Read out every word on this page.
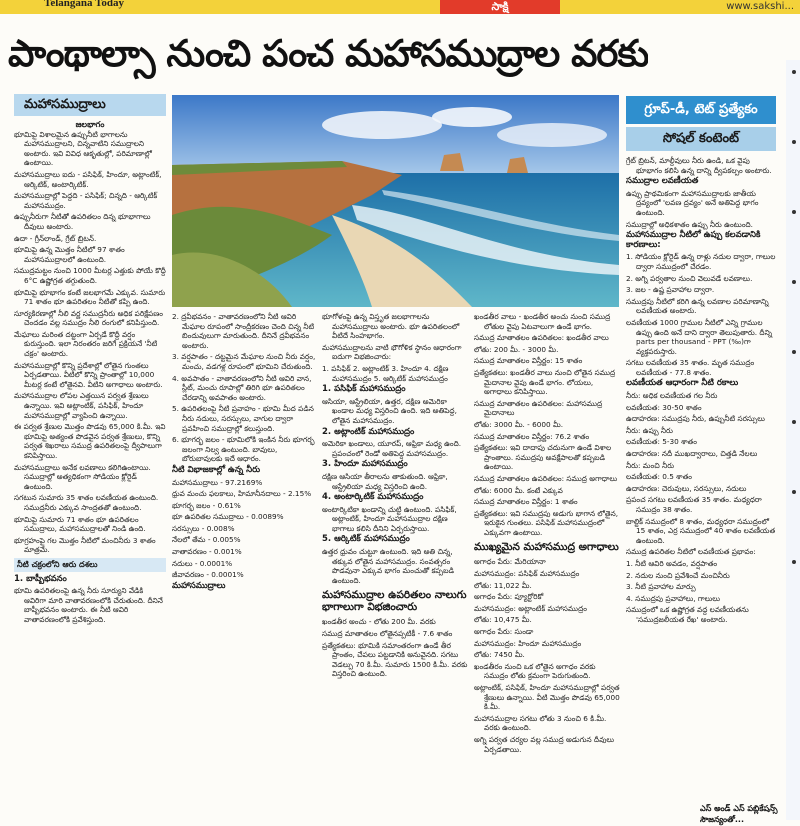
Telangana Today	సాక్షి	www.sakshi...
పాంథాల్సా నుంచి పంచ మహాసముద్రాల వరకు
మహాసముద్రాలు
జలభాగం

భూమిపై విశాలమైన ఉప్పునీటి భాగాలను మహాసముద్రాలని, చిన్నవాటిని సముద్రాలని అంటారు. ఇవి వివిధ ఆకృతుల్లో, పరిమాణాల్లో ఉంటాయి.

మహాసముద్రాలు ఐదు - పసిఫిక్, హిందూ, అట్లాంటిక్, ఆర్కిటిక్, అంటార్కిటిక్.

మహాసముద్రాల్లో పెద్దది - పసిఫిక్; చిన్నది - ఆర్కిటిక్ మహాసముద్రం.

ఉప్పునీరుగా నీటితో ఉపరితలం దిన్న భూభాగాలు దీవులు అంటారు.

ఉదా - గ్రీన్‌లాండ్, గ్రేట్ బ్రిటన్.

భూమిపై ఉన్న మొత్తం నీటిలో 97 శాతం మహాసముద్రాలలో ఉంటుంది.

సముద్రమట్టం నుంచి 1000 మీటర్ల ఎత్తుకు పోయే కొద్దీ 6°C ఉష్ణోగ్రత తగ్గుతుంది.

భూమిపై భూభాగం కంటే జలభాగమే ఎక్కువ. సుమారు 71 శాతం భూ ఉపరితలం నీటితో కప్పి ఉంది.

సూర్యకిరణాల్లో నీలి వర్ణ సముద్రనీరు అధిక పరిక్షేపణం చెందడం వల్ల సముద్రం నీలి రంగులో కనిపిస్తుంది.

మేఘాలు మరింత దట్టంగా ఏర్పడే కొద్దీ వర్షం కురుస్తుంది. ఇలా నిరంతరం జరిగే ప్రక్రియనే 'నీటి చక్రం' అంటారు.

మహాసముద్రాల్లో కొన్ని ప్రదేశాల్లో లోతైన గుంతలు ఏర్పడతాయి. వీటిలో కొన్ని ప్రాంతాల్లో 10,000 మీటర్ల కంటే లోతైనవి. వీటిని అగాధాలు అంటారు.

మహాసముద్రాల లోపల ఎత్తయిన పర్వత శ్రేణులు ఉన్నాయి. ఇవి అట్లాంటిక్, పసిఫిక్, హిందూ మహాసముద్రాల్లో వ్యాపించి ఉన్నాయి.

ఈ పర్వత శ్రేణుల మొత్తం పొడవు 65,000 కి.మీ. ఇవి భూమిపై అత్యంత పొడవైన పర్వత శ్రేణులు, కొన్ని పర్వత శిఖరాలు సముద్ర ఉపరితలంపై ద్వీపాలుగా కనిపిస్తాయి.

మహాసముద్రాలు అనేక లవణాలు కలిగిఉంటాయి. సముద్రాల్లో అత్యధికంగా సోడియం క్లోరైడ్ ఉంటుంది.

సగటున సుమారు 35 శాతం లవణీయత ఉంటుంది. సముద్రనీరు ఎక్కువ సాంద్రతతో ఉంటుంది.

భూమిపై సుమారు 71 శాతం భూ ఉపరితలం సముద్రాలు, మహాసముద్రాలతో నిండి ఉంది.

భూగ్రహంపై గల మొత్తం నీటిలో మంచినీరు 3 శాతం మాత్రమే.

నీటి చక్రంలోని ఆరు దశలు
1. బాష్పీభవనం

భూమి ఉపరితలంపై ఉన్న నీరు సూర్యుని వేడికి ఆవిరిగా మారి వాతావరణంలోకి చేరుతుంది. దీనినే బాష్పీభవనం అంటారు. ఈ నీటి ఆవిరి వాతావరణంలోకి ప్రవేశిస్తుంది.

2. ద్రవీభవనం - వాతావరణంలోని నీటి ఆవిరి మేఘాల రూపంలో సాంద్రీకరణం చెంది చిన్న నీటి బిందువులుగా మారుతుంది. దీనినే ద్రవీభవనం అంటారు.

3. వర్షపాతం - దట్టమైన మేఘాల నుంచి నీరు వర్షం, మంచు, వడగళ్ల రూపంలో భూమిని చేరుతుంది.

4. అవపాతం - వాతావరణంలోని నీటి ఆవిరి వాన, స్లీట్, మంచు రూపాల్లో తిరిగి భూ ఉపరితలం చేరడాన్ని అవపాతం అంటారు.

5. ఉపరితలంపై నీటి ప్రవాహం - భూమి మీద పడిన నీరు నదులు, సరస్సులు, వాగుల ద్వారా ప్రవహించి సముద్రాల్లో కలుస్తుంది.

6. భూగర్భ జలం - భూమిలోకి ఇంకిన నీరు భూగర్భ జలంగా నిల్వ ఉంటుంది. బావులు, బోరుబావులకు ఇదే ఆధారం.

నీటి విభాజకాల్లో ఉన్న నీరు

మహాసముద్రాలు - 97.2169%

ధ్రువ మంచు ఫలకాలు, హిమానీనదాలు - 2.15%

భూగర్భ జలం - 0.61%

భూ ఉపరితల సముద్రాలు - 0.0089%

సరస్సులు - 0.008%

నేలలో తేమ - 0.005%

వాతావరణం - 0.001%

నదులు - 0.0001%

జీవావరణం - 0.0001%

మహాసముద్రాలు

భూగోళంపై ఉన్న విస్తృత జలభాగాలను మహాసముద్రాలు అంటారు. భూ ఉపరితలంలో వీటిదే సింహభాగం.

మహాసముద్రాలను వాటి భౌగోళిక స్థానం ఆధారంగా ఐదుగా విభజించారు:

1. పసిఫిక్ 2. అట్లాంటిక్ 3. హిందూ 4. దక్షిణ మహాసముద్రం 5. ఆర్కిటిక్ మహాసముద్రం

1. పసిఫిక్ మహాసముద్రం

ఆసియా, ఆస్ట్రేలియా, ఉత్తర, దక్షిణ అమెరికా ఖండాల మధ్య విస్తరించి ఉంది. ఇది అతిపెద్ద, లోతైన మహాసముద్రం.

2. అట్లాంటిక్ మహాసముద్రం

అమెరికా ఖండాలు, యూరప్, ఆఫ్రికా మధ్య ఉంది. ప్రపంచంలో రెండో అతిపెద్ద మహాసముద్రం.

3. హిందూ మహాసముద్రం

దక్షిణ ఆసియా తీరాలను తాకుతుంది. ఆఫ్రికా, ఆస్ట్రేలియా మధ్య విస్తరించి ఉంది.

4. అంటార్కిటిక్ మహాసముద్రం

అంటార్కిటికా ఖండాన్ని చుట్టి ఉంటుంది. పసిఫిక్, అట్లాంటిక్, హిందూ మహాసముద్రాల దక్షిణ భాగాలు కలిసి దీనిని ఏర్పరుస్తాయి.

5. ఆర్కిటిక్ మహాసముద్రం

ఉత్తర ధ్రువం చుట్టూ ఉంటుంది. ఇది అతి చిన్న, తక్కువ లోతైన మహాసముద్రం. సంవత్సరం పొడవునా ఎక్కువ భాగం మంచుతో కప్పబడి ఉంటుంది.

మహాసముద్రాల ఉపరితలం నాలుగు భాగాలుగా విభజించారు

ఖండతీర అంచు - లోతు 200 మీ. వరకు

సముద్ర మాతాతలం లోతైనప్పటికీ - 7.6 శాతం

ప్రత్యేకతలు: భూమికి సమాంతరంగా ఉండే తీర ప్రాంతం, చేపలు పట్టడానికి అనువైనది. సగటు వెడల్పు 70 కి.మీ. సుమారు 1500 కి.మీ. వరకు విస్తరించి ఉంటుంది.

ఖండతీర వాలు - ఖండతీర అంచు నుంచి సముద్ర లోతుల వైపు ఏటవాలుగా ఉండే భాగం.

సముద్ర మాతాతలం ఉపరితలం: ఖండతీర వాలు

లోతు: 200 మీ. - 3000 మీ.

సముద్ర మాతాతలం విస్తీర్ణం: 15 శాతం

ప్రత్యేకతలు: ఖండతీర వాలు నుంచి లోతైన సముద్ర మైదానాల వైపు ఉండే భాగం. లోయలు, అగాధాలు కనిపిస్తాయి.

సముద్ర మాతాతలం ఉపరితలం: మహాసముద్ర మైదానాలు

లోతు: 3000 మీ. - 6000 మీ.

సముద్ర మాతాతలం విస్తీర్ణం: 76.2 శాతం

ప్రత్యేకతలు: ఇవి దాదాపు చదునుగా ఉండే విశాల ప్రాంతాలు. సముద్రపు అవక్షేపాలతో కప్పబడి ఉంటాయి.

సముద్ర మాతాతలం ఉపరితలం: సముద్ర అగాధాలు

లోతు: 6000 మీ. కంటే ఎక్కువ

సముద్ర మాతాతలం విస్తీర్ణం: 1 శాతం

ప్రత్యేకతలు: ఇవి సముద్రపు అడుగు భాగాన లోతైన, ఇరుకైన గుంతలు. పసిఫిక్ మహాసముద్రంలో ఎక్కువగా ఉంటాయి.

ముఖ్యమైన మహాసముద్ర అగాధాలు

అగాధం పేరు: మేరియానా

మహాసముద్రం: పసిఫిక్ మహాసముద్రం

లోతు: 11,022 మీ.

అగాధం పేరు: ప్యూర్టోరికో

మహాసముద్రం: అట్లాంటిక్ మహాసముద్రం

లోతు: 10,475 మీ.

అగాధం పేరు: సుండా

మహాసముద్రం: హిందూ మహాసముద్రం

లోతు: 7450 మీ.

ఖండతీరం నుంచి ఒక లోతైన అగాధం వరకు సముద్రం లోతు క్రమంగా పెరుగుతుంది.

అట్లాంటిక్, పసిఫిక్, హిందూ మహాసముద్రాల్లో పర్వత శ్రేణులు ఉన్నాయి. వీటి మొత్తం పొడవు 65,000 కి.మీ.

మహాసముద్రాల సగటు లోతు 3 నుంచి 6 కి.మీ. వరకు ఉంటుంది.

అగ్ని పర్వత చర్యల వల్ల సముద్ర అడుగున దీవులు ఏర్పడతాయి.

గ్రూప్-డీ, టెట్ ప్రత్యేకం
సోషల్ కంటెంట్

గ్రేట్ బ్రిటన్, మాల్దీవులు నీరు ఉండి, ఒక వైపు భూభాగం కలిసి ఉన్న దాన్ని ద్వీపకల్పం అంటారు.

సముద్రాల లవణీయత

ఉప్పు ప్రాథమికంగా మహాసముద్రాలకు జాతీయ ద్రవ్యంలో 'లవణ ద్రవ్యం' అనే అతిపెద్ద భాగం ఉంటుంది.

సముద్రాల్లో అధికశాతం ఉప్పు నీరు ఉంటుంది.

మహాసముద్రాల నీటిలో ఉప్పు కలవడానికి కారణాలు:

1. సోడియం క్లోరైడ్ ఉన్న రాళ్లు నదుల ద్వారా, గాలుల ద్వారా సముద్రంలో చేరడం.

2. అగ్ని పర్వతాల నుంచి వెలువడే లవణాలు.

3. జల - ఉష్ణ ప్రవాహాల ద్వారా.

సముద్రపు నీటిలో కరిగి ఉన్న లవణాల పరిమాణాన్ని లవణీయత అంటారు.

లవణీయత 1000 గ్రాముల నీటిలో ఎన్ని గ్రాముల ఉప్పు ఉంది అనే దాని ద్వారా తెలుపుతారు. దీన్ని parts per thousand - PPT (‰)గా వ్యక్తపరుస్తారు.

సగటు లవణీయత 35 శాతం. మృత సముద్రం లవణీయత - 77.8 శాతం.

లవణీయత ఆధారంగా నీటి రకాలు

నీరు: అధిక లవణీయత గల నీరు

లవణీయత: 30-50 శాతం

ఉదాహరణ: సముద్రపు నీరు, ఉప్పునీటి సరస్సులు

నీరు: ఉప్పు నీరు

లవణీయత: 5-30 శాతం

ఉదాహరణ: నదీ ముఖద్వారాలు, చిత్తడి నేలలు

నీరు: మంచి నీరు

లవణీయత: 0.5 శాతం

ఉదాహరణ: చెరువులు, సరస్సులు, నదులు

ప్రపంచ సగటు లవణీయత 35 శాతం. మధ్యధరా సముద్రం 38 శాతం.

బాల్టిక్ సముద్రంలో 8 శాతం, మధ్యధరా సముద్రంలో 15 శాతం, ఎర్ర సముద్రంలో 40 శాతం లవణీయత ఉంటుంది.

సముద్ర ఉపరితల నీటిలో లవణీయత ప్రభావం:

1. నీటి ఆవిరి అవడం, వర్షపాతం

2. నదుల నుంచి ప్రవేశించే మంచినీరు

3. నీటి ప్రవాహాల మార్పు

4. సముద్రపు ప్రవాహాలు, గాలులు

సముద్రంలో ఒక ఉష్ణోగ్రత వద్ద లవణీయతను 'సముద్రజలీయత రేఖ' అంటారు.

ఎస్ అండ్ ఎస్ పబ్లికేషన్స్ సౌజన్యంతో...
